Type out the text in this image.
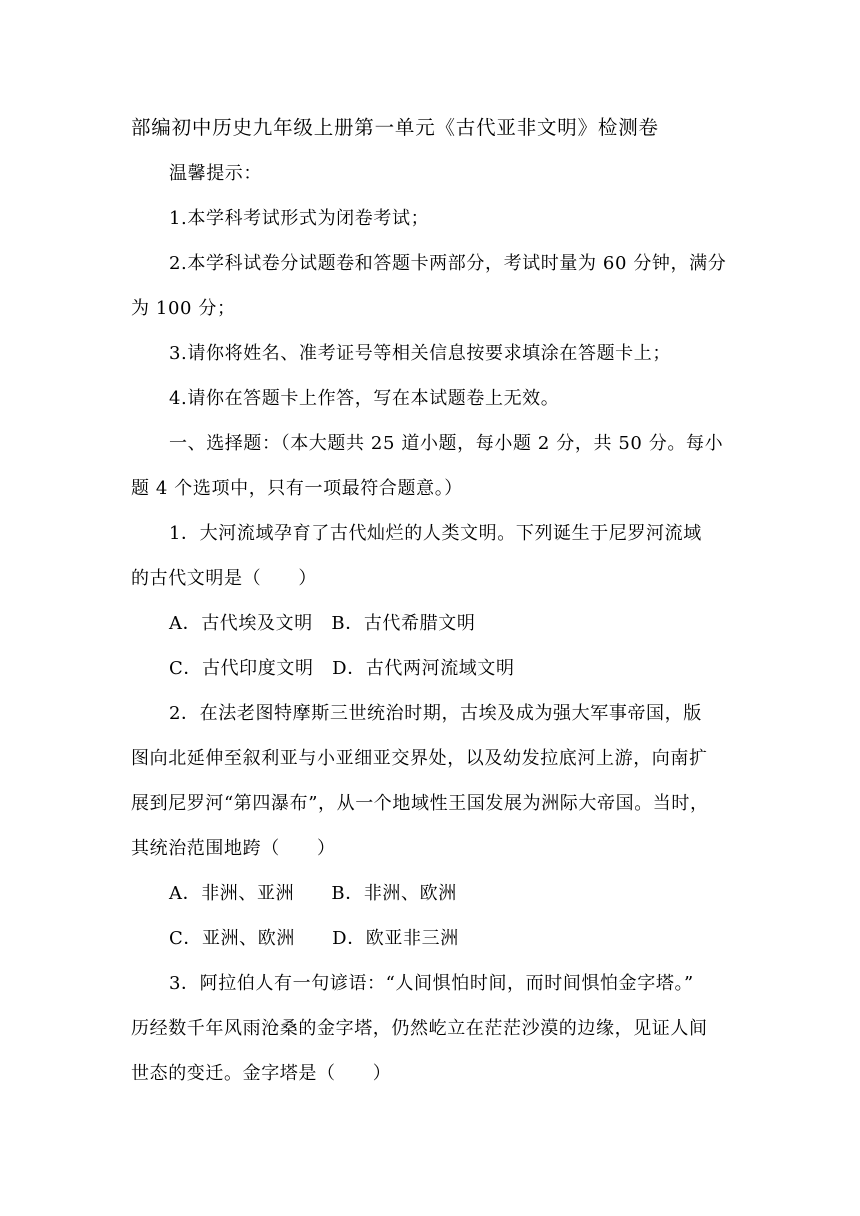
部编初中历史九年级上册第一单元《古代亚非文明》检测卷
温馨提示：
1.本学科考试形式为闭卷考试；
2.本学科试卷分试题卷和答题卡两部分，考试时量为 60 分钟，满分
为 100 分；
3.请你将姓名、准考证号等相关信息按要求填涂在答题卡上；
4.请你在答题卡上作答，写在本试题卷上无效。
一、选择题：（本大题共 25 道小题，每小题 2 分，共 50 分。每小
题 4 个选项中，只有一项最符合题意。）
1．大河流域孕育了古代灿烂的人类文明。下列诞生于尼罗河流域
的古代文明是（　　）
A．古代埃及文明　B．古代希腊文明
C．古代印度文明　D．古代两河流域文明
2．在法老图特摩斯三世统治时期，古埃及成为强大军事帝国，版
图向北延伸至叙利亚与小亚细亚交界处，以及幼发拉底河上游，向南扩
展到尼罗河“第四瀑布”，从一个地域性王国发展为洲际大帝国。当时，
其统治范围地跨（　　）
A．非洲、亚洲　　B．非洲、欧洲
C．亚洲、欧洲　　D．欧亚非三洲
3．阿拉伯人有一句谚语：“人间惧怕时间，而时间惧怕金字塔。”
历经数千年风雨沧桑的金字塔，仍然屹立在茫茫沙漠的边缘，见证人间
世态的变迁。金字塔是（　　）
